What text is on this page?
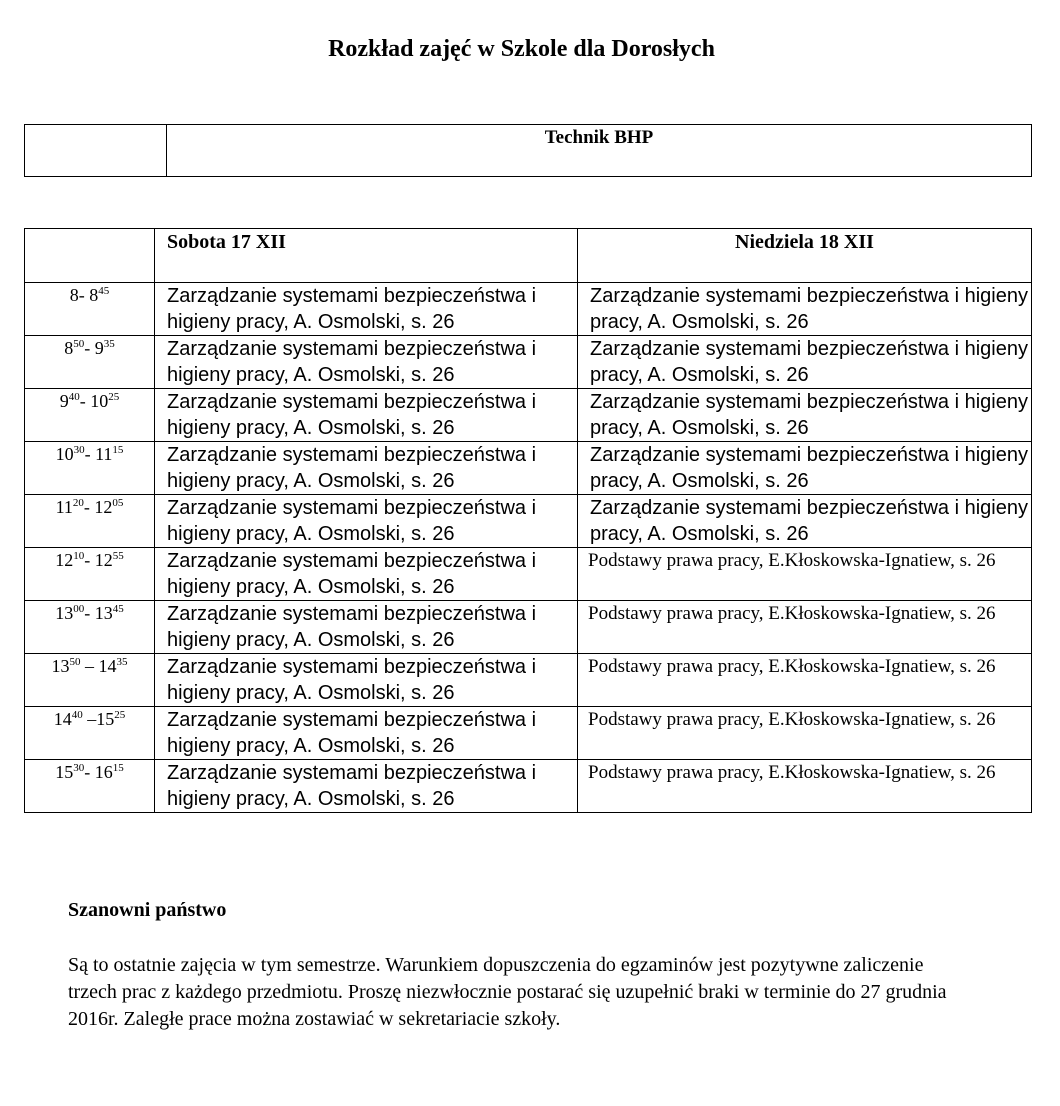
Rozkład zajęć w Szkole dla Dorosłych
	Technik BHP
	Sobota 17 XII	Niedziela 18 XII
8- $8^{45}$	Zarządzanie systemami bezpieczeństwa i higieny pracy, A. Osmolski, s. 26	Zarządzanie systemami bezpieczeństwa i higieny pracy, A. Osmolski, s. 26
$8^{50}-$ $9^{35}$	Zarządzanie systemami bezpieczeństwa i higieny pracy, A. Osmolski, s. 26	Zarządzanie systemami bezpieczeństwa i higieny pracy, A. Osmolski, s. 26
$9^{40}-$ $10^{25}$	Zarządzanie systemami bezpieczeństwa i higieny pracy, A. Osmolski, s. 26	Zarządzanie systemami bezpieczeństwa i higieny pracy, A. Osmolski, s. 26
$10^{30}-$ $11^{15}$	Zarządzanie systemami bezpieczeństwa i higieny pracy, A. Osmolski, s. 26	Zarządzanie systemami bezpieczeństwa i higieny pracy, A. Osmolski, s. 26
$11^{20}-$ $12^{05}$	Zarządzanie systemami bezpieczeństwa i higieny pracy, A. Osmolski, s. 26	Zarządzanie systemami bezpieczeństwa i higieny pracy, A. Osmolski, s. 26
$12^{10}-$ $12^{55}$	Zarządzanie systemami bezpieczeństwa i higieny pracy, A. Osmolski, s. 26	Podstawy prawa pracy, E.Kłoskowska-Ignatiew, s. 26
$13^{00}-$ $13^{45}$	Zarządzanie systemami bezpieczeństwa i higieny pracy, A. Osmolski, s. 26	Podstawy prawa pracy, E.Kłoskowska-Ignatiew, s. 26
$13^{50} - 14^{35}$	Zarządzanie systemami bezpieczeństwa i higieny pracy, A. Osmolski, s. 26	Podstawy prawa pracy, E.Kłoskowska-Ignatiew, s. 26
$14^{40}$ $-15^{25}$	Zarządzanie systemami bezpieczeństwa i higieny pracy, A. Osmolski, s. 26	Podstawy prawa pracy, E.Kłoskowska-Ignatiew, s. 26
$15^{30}-$ $16^{15}$	Zarządzanie systemami bezpieczeństwa i higieny pracy, A. Osmolski, s. 26	Podstawy prawa pracy, E.Kłoskowska-Ignatiew, s. 26

Szanowni państwo

Są to ostatnie zajęcia w tym semestrze. Warunkiem dopuszczenia do egzaminów jest pozytywne zaliczenie trzech prac z każdego przedmiotu. Proszę niezwłocznie postarać się uzupełnić braki w terminie do 27 grudnia 2016r. Zaległe prace można zostawiać w sekretariacie szkoły.
